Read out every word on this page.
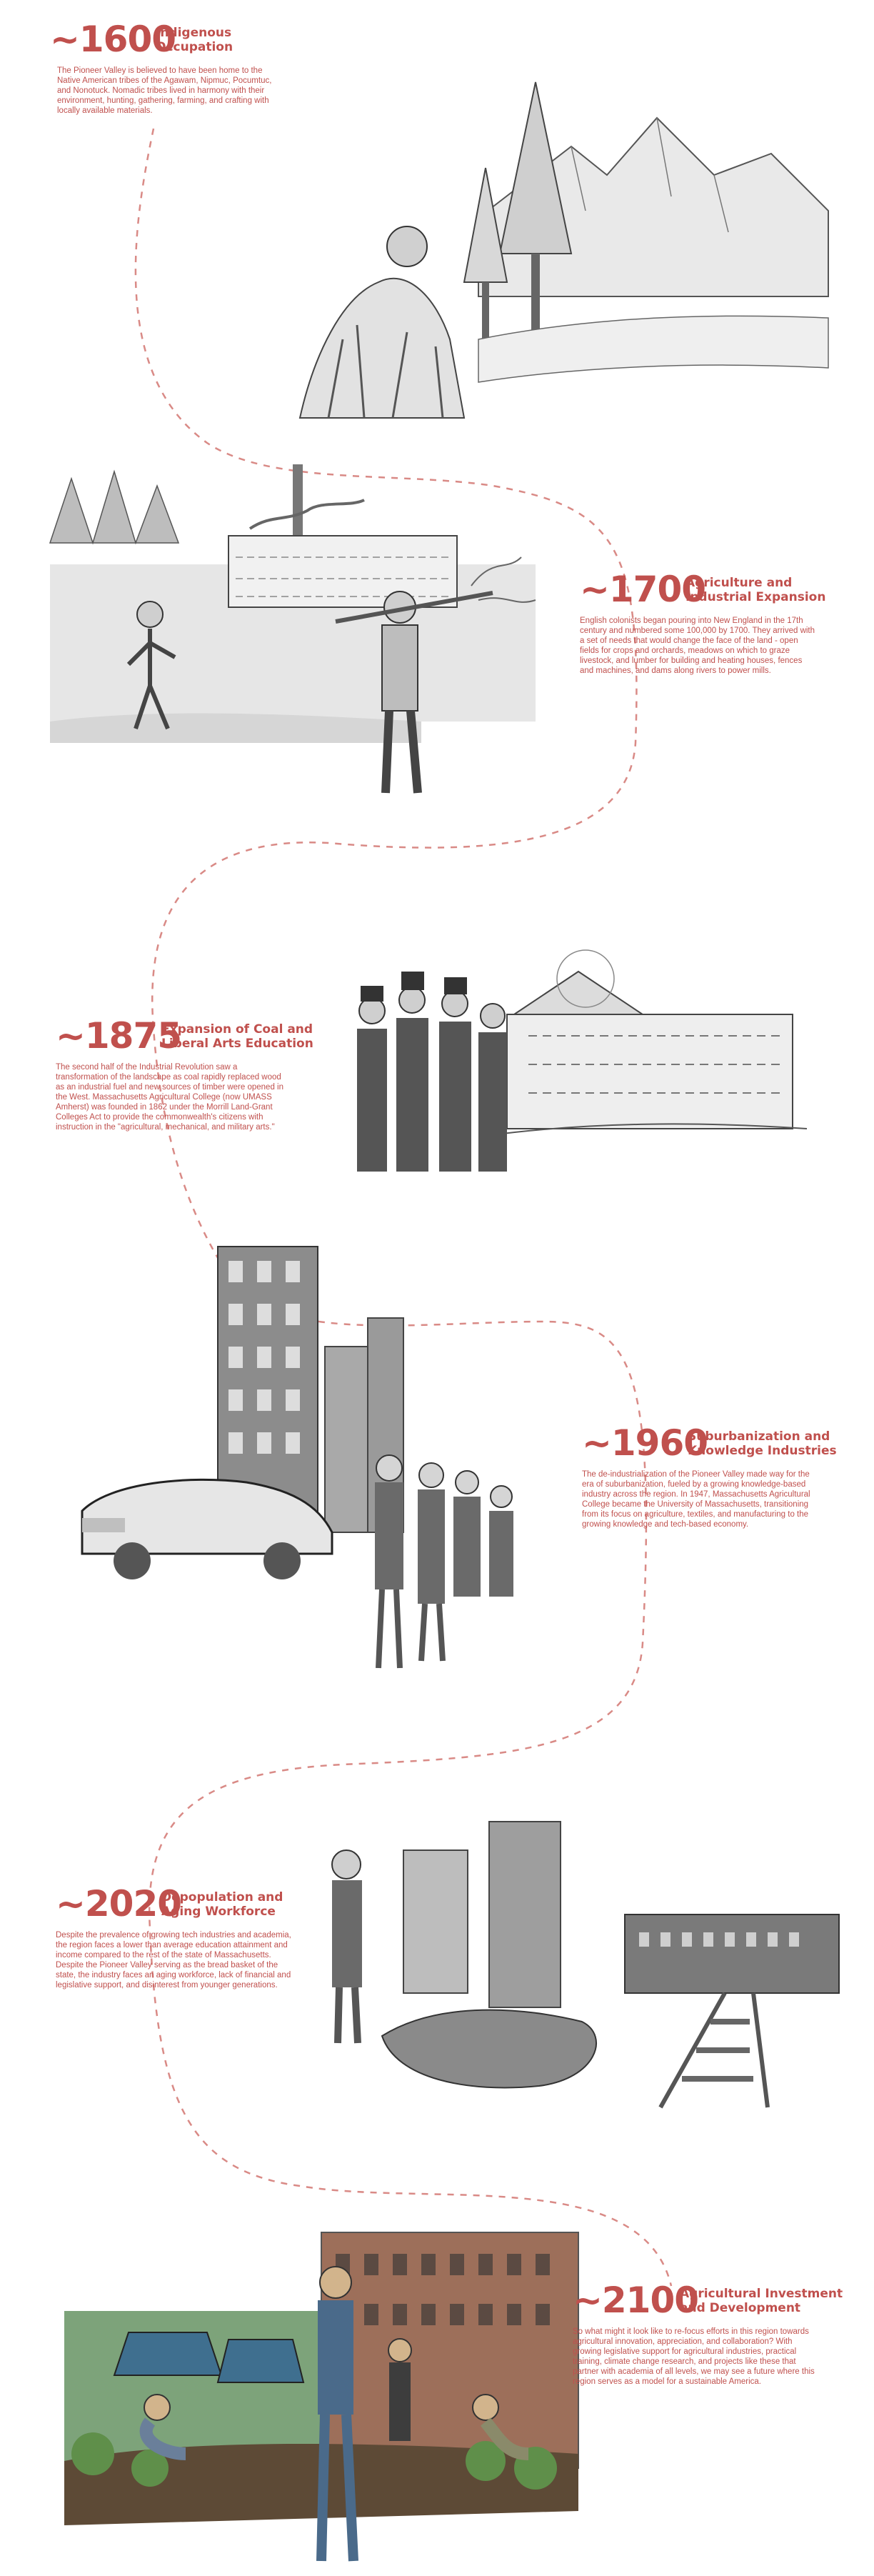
~1600
Indigenous
Occupation
The Pioneer Valley is believed to have been home to the Native American tribes of the Agawam, Nipmuc, Pocumtuc, and Nonotuck. Nomadic tribes lived in harmony with their environment, hunting, gathering, farming, and crafting with locally available materials.
~1700
Agriculture and
Industrial Expansion
English colonists began pouring into New England in the 17th century and numbered some 100,000 by 1700. They arrived with a set of needs that would change the face of the land - open fields for crops and orchards, meadows on which to graze livestock, and lumber for building and heating houses, fences and machines, and dams along rivers to power mills.
~1875
Expansion of Coal and
Liberal Arts Education
The second half of the Industrial Revolution saw a transformation of the landscape as coal rapidly replaced wood as an industrial fuel and new sources of timber were opened in the West. Massachusetts Agricultural College (now UMASS Amherst) was founded in 1862 under the Morrill Land-Grant Colleges Act to provide the commonwealth's citizens with instruction in the "agricultural, mechanical, and military arts."
~1960
Suburbanization and
Knowledge Industries
The de-industrialization of the Pioneer Valley made way for the era of suburbanization, fueled by a growing knowledge-based industry across the region. In 1947, Massachusetts Agricultural College became the University of Massachusetts, transitioning from its focus on agriculture, textiles, and manufacturing to the growing knowledge and tech-based economy.
~2020
Depopulation and
Aging Workforce
Despite the prevalence of growing tech industries and academia, the region faces a lower than average education attainment and income compared to the rest of the state of Massachusetts. Despite the Pioneer Valley serving as the bread basket of the state, the industry faces an aging workforce, lack of financial and legislative support, and disinterest from younger generations.
~2100
Agricultural Investment
and Development
So what might it look like to re-focus efforts in this region towards agricultural innovation, appreciation, and collaboration? With growing legislative support for agricultural industries, practical training, climate change research, and projects like these that partner with academia of all levels, we may see a future where this region serves as a model for a sustainable America.
